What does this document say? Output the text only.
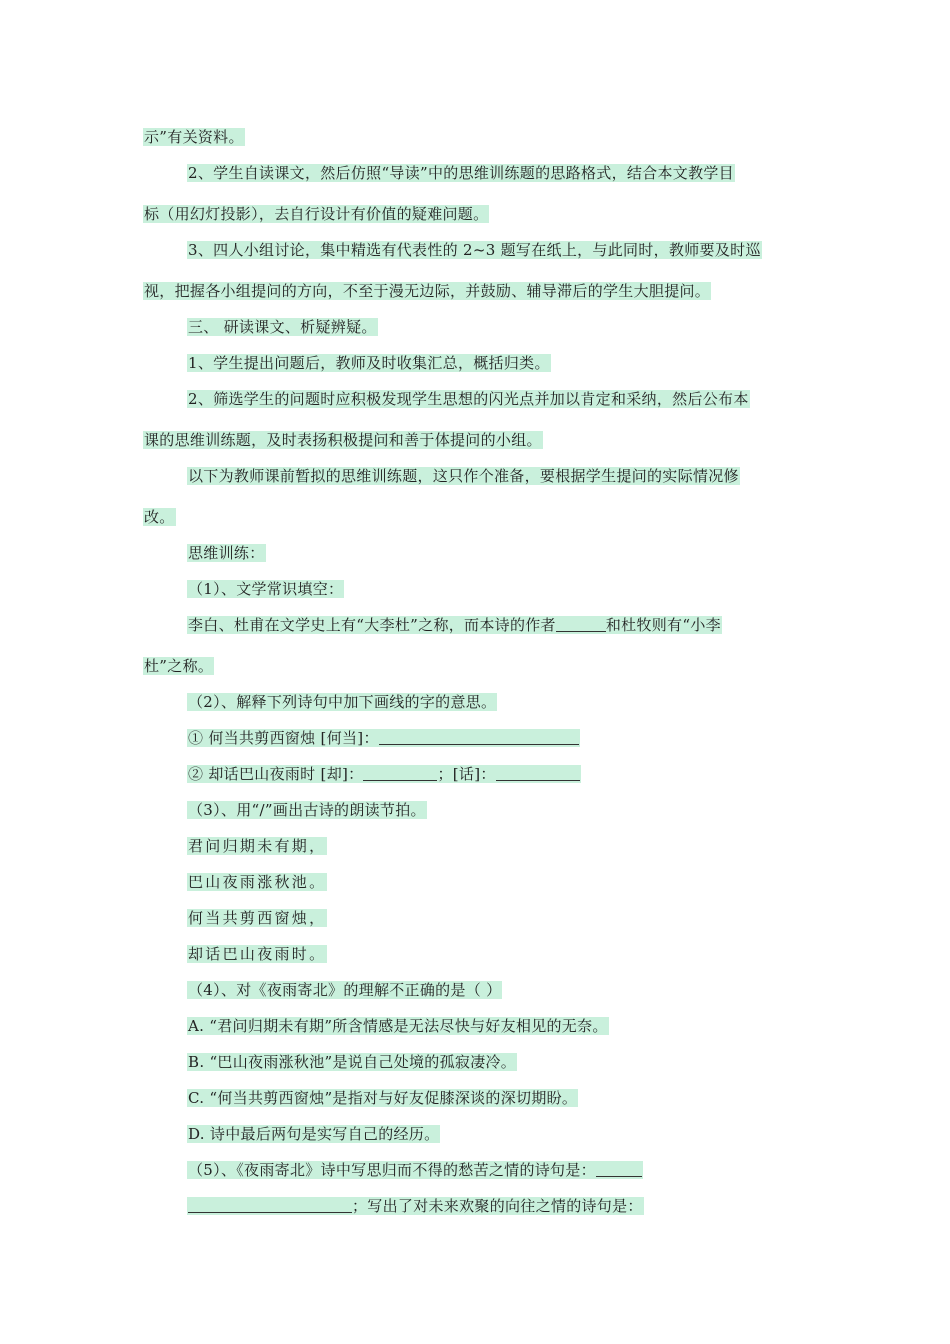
示”有关资料。
2、学生自读课文，然后仿照“导读”中的思维训练题的思路格式，结合本文教学目
标（用幻灯投影），去自行设计有价值的疑难问题。
3、四人小组讨论，集中精选有代表性的 2~3 题写在纸上，与此同时，教师要及时巡
视，把握各小组提问的方向，不至于漫无边际，并鼓励、辅导滞后的学生大胆提问。
三、 研读课文、析疑辨疑。
1、学生提出问题后，教师及时收集汇总，概括归类。
2、筛选学生的问题时应积极发现学生思想的闪光点并加以肯定和采纳，然后公布本
课的思维训练题，及时表扬积极提问和善于体提问的小组。
以下为教师课前暂拟的思维训练题，这只作个准备，要根据学生提问的实际情况修
改。
思维训练：
（1）、文学常识填空：
李白、杜甫在文学史上有“大李杜”之称，而本诗的作者	和杜牧则有“小李
杜”之称。
（2）、解释下列诗句中加下画线的字的意思。
① 何当共剪西窗烛 [何当]：
② 却话巴山夜雨时 [却]：	；[话]：
（3）、用“/”画出古诗的朗读节拍。
君问归期未有期，
巴山夜雨涨秋池。
何当共剪西窗烛，
却话巴山夜雨时。
（4）、对《夜雨寄北》的理解不正确的是（ ）
A. “君问归期未有期”所含情感是无法尽快与好友相见的无奈。
B. “巴山夜雨涨秋池”是说自己处境的孤寂凄冷。
C. “何当共剪西窗烛”是指对与好友促膝深谈的深切期盼。
D. 诗中最后两句是实写自己的经历。
（5）、《夜雨寄北》诗中写思归而不得的愁苦之情的诗句是：
；写出了对未来欢聚的向往之情的诗句是：
